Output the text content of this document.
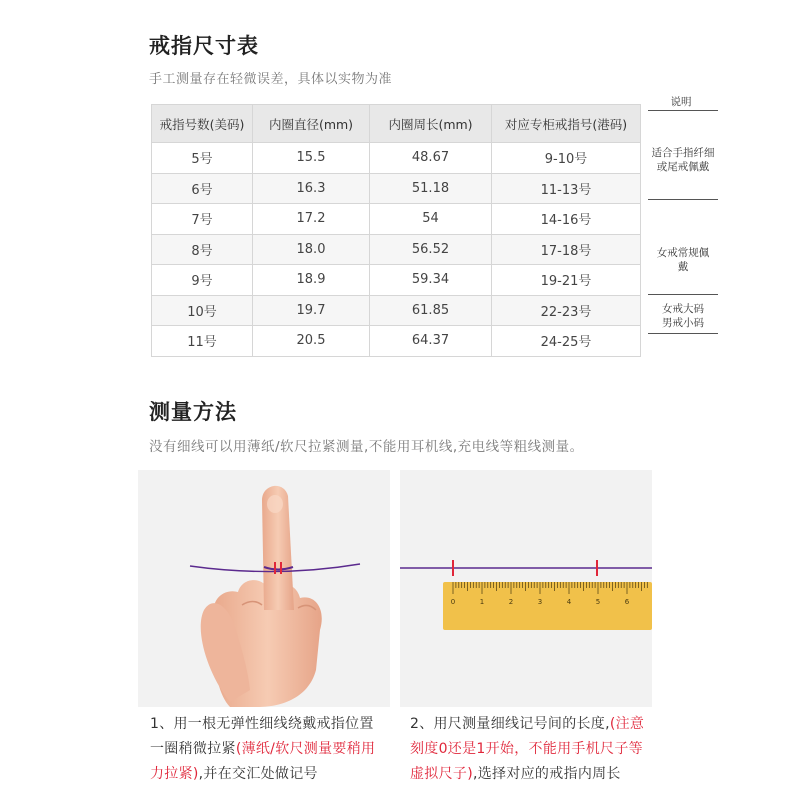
戒指尺寸表
手工测量存在轻微误差，具体以实物为准
戒指号数(美码)	内圈直径(mm)	内圈周长(mm)	对应专柜戒指号(港码)
5号	15.5	48.67	9-10号
6号	16.3	51.18	11-13号
7号	17.2	54	14-16号
8号	18.0	56.52	17-18号
9号	18.9	59.34	19-21号
10号	19.7	61.85	22-23号
11号	20.5	64.37	24-25号
说明
适合手指纤细
或尾戒佩戴
女戒常规佩
戴
女戒大码
男戒小码
测量方法
没有细线可以用薄纸/软尺拉紧测量,不能用耳机线,充电线等粗线测量。
0	1	2	3	4	5	6
1、用一根无弹性细线绕戴戒指位置
一圈稍微拉紧(薄纸/软尺测量要稍用
力拉紧),并在交汇处做记号
2、用尺测量细线记号间的长度,(注意
刻度0还是1开始，不能用手机尺子等
虚拟尺子),选择对应的戒指内周长
